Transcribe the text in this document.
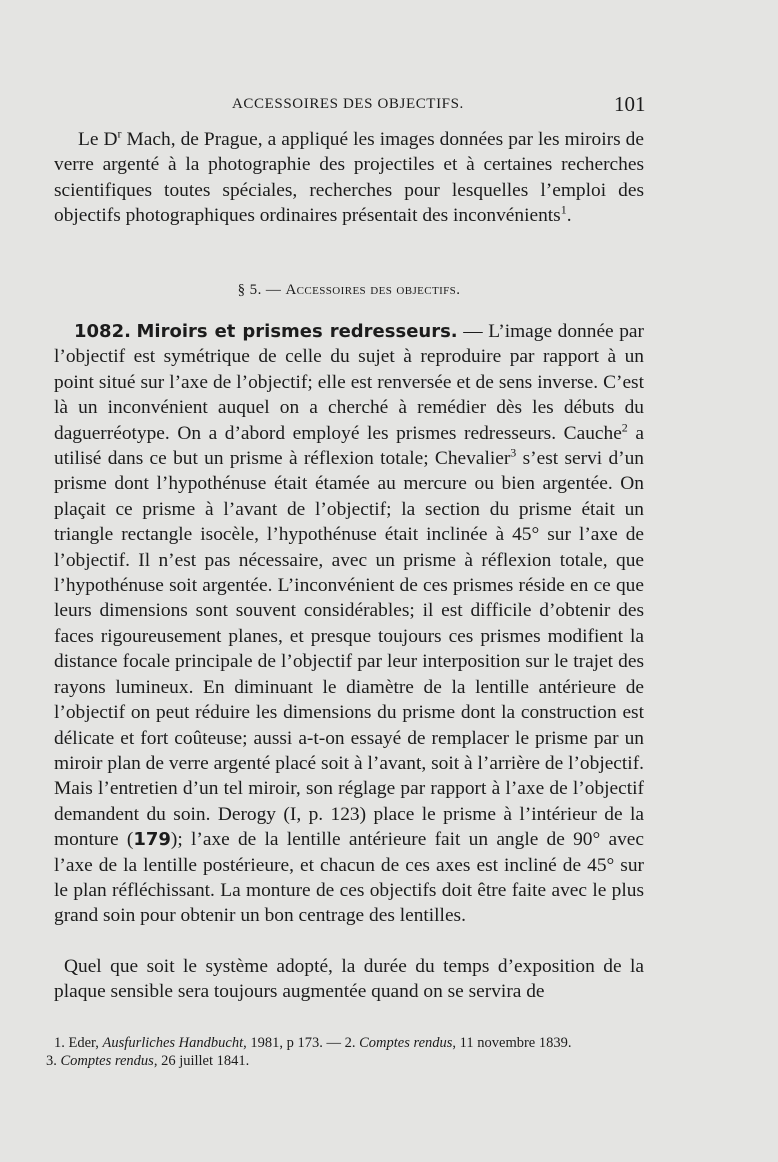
ACCESSOIRES DES OBJECTIFS.	101

Le $D^r$ Mach, de Prague, a appliqué les images données par les miroirs de verre argenté à la photographie des projectiles et à certaines recherches scientifiques toutes spéciales, recherches pour lesquelles l’emploi des objectifs photographiques ordinaires présentait des inconvénients$^1$.

§ 5. — Accessoires des objectifs.

1082. Miroirs et prismes redresseurs. — L’image donnée par l’objectif est symétrique de celle du sujet à reproduire par rapport à un point situé sur l’axe de l’objectif; elle est renversée et de sens inverse. C’est là un inconvénient auquel on a cherché à remédier dès les débuts du daguerréotype. On a d’abord employé les prismes redresseurs. Cauche$^2$ a utilisé dans ce but un prisme à réflexion totale; Chevalier$^3$ s’est servi d’un prisme dont l’hypothénuse était étamée au mercure ou bien argentée. On plaçait ce prisme à l’avant de l’objectif; la section du prisme était un triangle rectangle isocèle, l’hypothénuse était inclinée à 45° sur l’axe de l’objectif. Il n’est pas nécessaire, avec un prisme à réflexion totale, que l’hypothénuse soit argentée. L’inconvénient de ces prismes réside en ce que leurs dimensions sont souvent considérables; il est difficile d’obtenir des faces rigoureusement planes, et presque toujours ces prismes modifient la distance focale principale de l’objectif par leur interposition sur le trajet des rayons lumineux. En diminuant le diamètre de la lentille antérieure de l’objectif on peut réduire les dimensions du prisme dont la construction est délicate et fort coûteuse; aussi a-t-on essayé de remplacer le prisme par un miroir plan de verre argenté placé soit à l’avant, soit à l’arrière de l’objectif. Mais l’entretien d’un tel miroir, son réglage par rapport à l’axe de l’objectif demandent du soin. Derogy (I, p. 123) place le prisme à l’intérieur de la monture (179); l’axe de la lentille antérieure fait un angle de 90° avec l’axe de la lentille postérieure, et chacun de ces axes est incliné de 45° sur le plan réfléchissant. La monture de ces objectifs doit être faite avec le plus grand soin pour obtenir un bon centrage des lentilles.

Quel que soit le système adopté, la durée du temps d’exposition de la plaque sensible sera toujours augmentée quand on se servira de

1. Eder, Ausfurliches Handbucht, 1981, p 173. — 2. Comptes rendus, 11 novembre 1839.
3. Comptes rendus, 26 juillet 1841.
